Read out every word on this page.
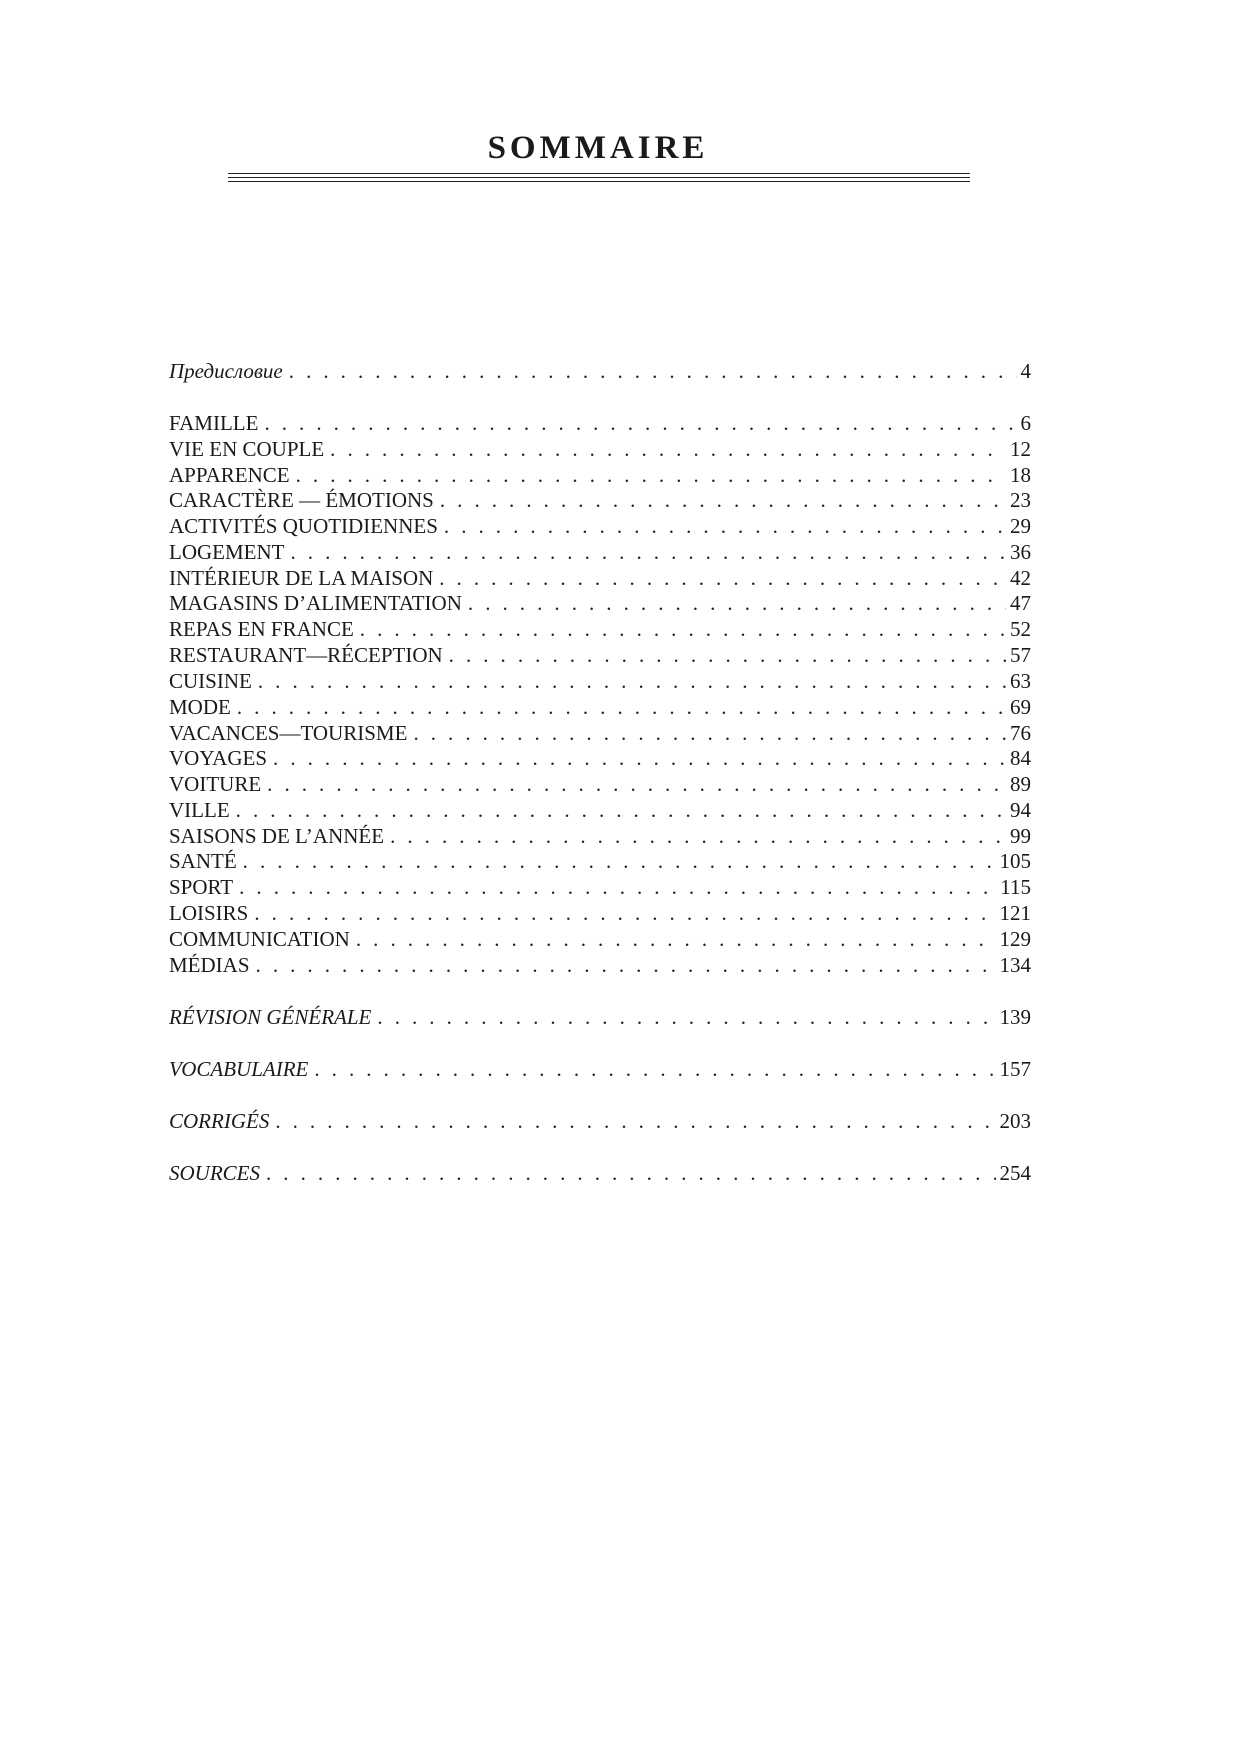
SOMMAIRE
Предисловие . . .	4
FAMILLE . . .	6
VIE EN COUPLE . . .	12
APPARENCE . . .	18
CARACTÈRE — ÉMOTIONS . . .	23
ACTIVITÉS QUOTIDIENNES . . .	29
LOGEMENT . . .	36
INTÉRIEUR DE LA MAISON . . .	42
MAGASINS D’ALIMENTATION . . .	47
REPAS EN FRANCE . . .	52
RESTAURANT—RÉCEPTION . . .	57
CUISINE . . .	63
MODE . . .	69
VACANCES—TOURISME . . .	76
VOYAGES . . .	84
VOITURE . . .	89
VILLE . . .	94
SAISONS DE L’ANNÉE . . .	99
SANTÉ . . .	105
SPORT . . .	115
LOISIRS . . .	121
COMMUNICATION . . .	129
MÉDIAS . . .	134
RÉVISION GÉNÉRALE . . .	139
VOCABULAIRE . . .	157
CORRIGÉS . . .	203
SOURCES . . .	254
